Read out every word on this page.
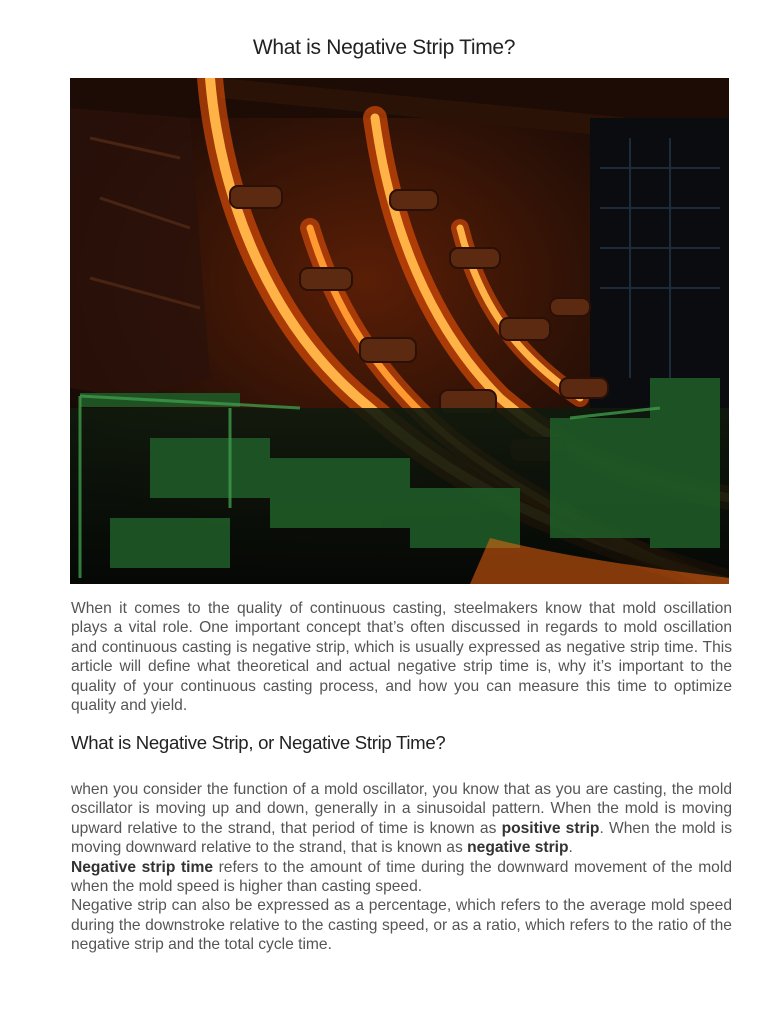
What is Negative Strip Time?

When it comes to the quality of continuous casting, steelmakers know that mold oscillation plays a vital role. One important concept that’s often discussed in regards to mold oscillation and continuous casting is negative strip, which is usually expressed as negative strip time. This article will define what theoretical and actual negative strip time is, why it’s important to the quality of your continuous casting process, and how you can measure this time to optimize quality and yield.

What is Negative Strip, or Negative Strip Time?

when you consider the function of a mold oscillator, you know that as you are casting, the mold oscillator is moving up and down, generally in a sinusoidal pattern. When the mold is moving upward relative to the strand, that period of time is known as positive strip. When the mold is moving downward relative to the strand, that is known as negative strip.

Negative strip time refers to the amount of time during the downward movement of the mold when the mold speed is higher than casting speed.

Negative strip can also be expressed as a percentage, which refers to the average mold speed during the downstroke relative to the casting speed, or as a ratio, which refers to the ratio of the negative strip and the total cycle time.
